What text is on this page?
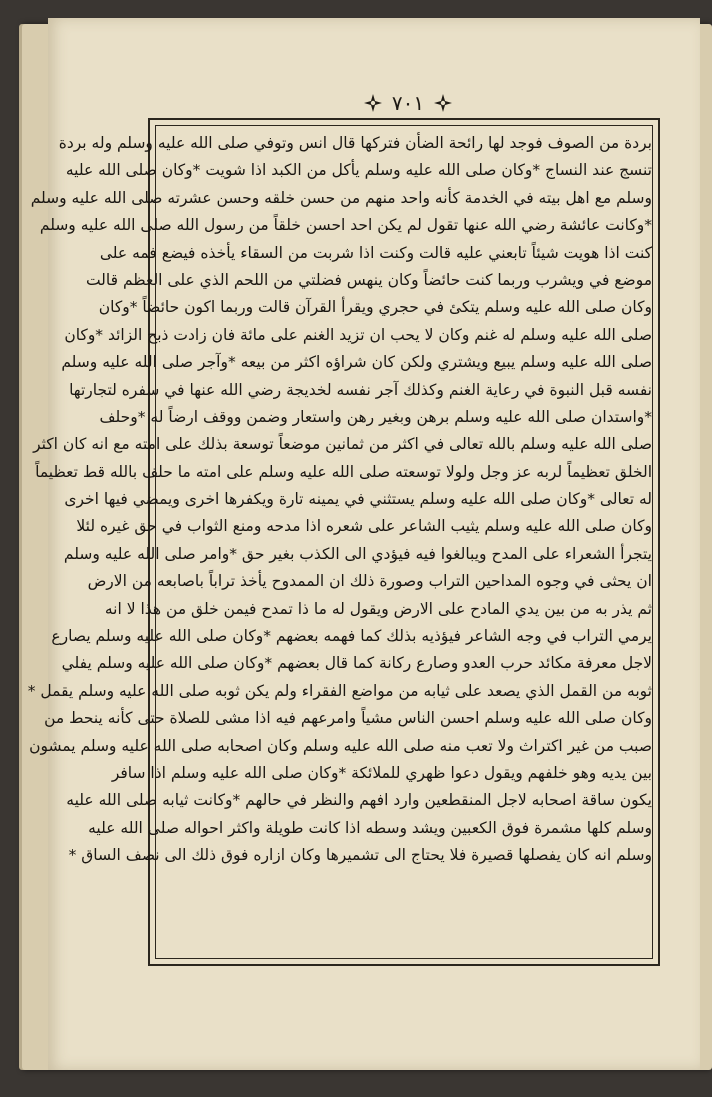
٧٠١
بردة من الصوف فوجد لها رائحة الضأن فتركها قال انس وتوفي صلى الله عليه وسلم وله بردة
تنسج عند النساج *وكان صلى الله عليه وسلم يأكل من الكبد اذا شويت *وكان صلى الله عليه
وسلم مع اهل بيته في الخدمة كأنه واحد منهم من حسن خلقه وحسن عشرته صلى الله عليه وسلم
*وكانت عائشة رضي الله عنها تقول لم يكن احد احسن خلقاً من رسول الله صلى الله عليه وسلم
كنت اذا هويت شيئاً تابعني عليه قالت وكنت اذا شربت من السقاء يأخذه فيضع فمه على
موضع في ويشرب وربما كنت حائضاً وكان ينهس فضلتي من اللحم الذي على العظم قالت
وكان صلى الله عليه وسلم يتكئ في حجري ويقرأ القرآن قالت وربما اكون حائضاً *وكان
صلى الله عليه وسلم له غنم وكان لا يحب ان تزيد الغنم على مائة فان زادت ذبح الزائد *وكان
صلى الله عليه وسلم يبيع ويشتري ولكن كان شراؤه اكثر من بيعه *وآجر صلى الله عليه وسلم
نفسه قبل النبوة في رعاية الغنم وكذلك آجر نفسه لخديجة رضي الله عنها في سفره لتجارتها
*واستدان صلى الله عليه وسلم برهن وبغير رهن واستعار وضمن ووقف ارضاً له *وحلف
صلى الله عليه وسلم بالله تعالى في اكثر من ثمانين موضعاً توسعة بذلك على امته مع انه كان اكثر
الخلق تعظيماً لربه عز وجل ولولا توسعته صلى الله عليه وسلم على امته ما حلف بالله قط تعظيماً
له تعالى *وكان صلى الله عليه وسلم يستثني في يمينه تارة ويكفرها اخرى ويمضي فيها اخرى
وكان صلى الله عليه وسلم يثيب الشاعر على شعره اذا مدحه ومنع الثواب في حق غيره لئلا
يتجرأ الشعراء على المدح ويبالغوا فيه فيؤدي الى الكذب بغير حق *وامر صلى الله عليه وسلم
ان يحثى في وجوه المداحين التراب وصورة ذلك ان الممدوح يأخذ تراباً باصابعه من الارض
ثم يذر به من بين يدي المادح على الارض ويقول له ما ذا تمدح فيمن خلق من هذا لا انه
يرمي التراب في وجه الشاعر فيؤذيه بذلك كما فهمه بعضهم *وكان صلى الله عليه وسلم يصارع
لاجل معرفة مكائد حرب العدو وصارع ركانة كما قال بعضهم *وكان صلى الله عليه وسلم يفلي
ثوبه من القمل الذي يصعد على ثيابه من مواضع الفقراء ولم يكن ثوبه صلى الله عليه وسلم يقمل *
وكان صلى الله عليه وسلم احسن الناس مشياً وامرعهم فيه اذا مشى للصلاة حتى كأنه ينحط من
صبب من غير اكتراث ولا تعب منه صلى الله عليه وسلم وكان اصحابه صلى الله عليه وسلم يمشون
بين يديه وهو خلفهم ويقول دعوا ظهري للملائكة *وكان صلى الله عليه وسلم اذا سافر
يكون ساقة اصحابه لاجل المنقطعين وارد افهم والنظر في حالهم *وكانت ثيابه صلى الله عليه
وسلم كلها مشمرة فوق الكعبين ويشد وسطه اذا كانت طويلة واكثر احواله صلى الله عليه
وسلم انه كان يفصلها قصيرة فلا يحتاج الى تشميرها وكان ازاره فوق ذلك الى نصف الساق *
